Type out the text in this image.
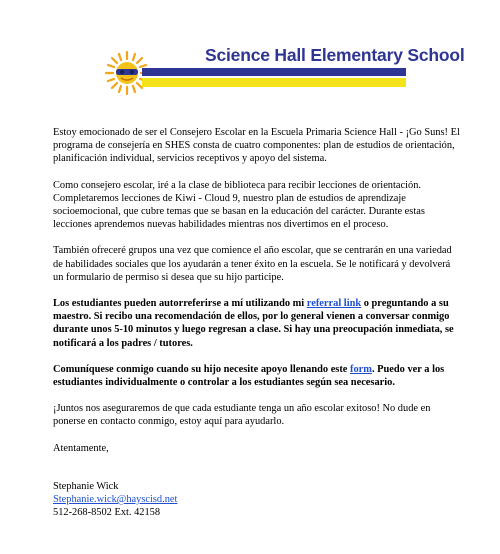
Science Hall Elementary School

Estoy emocionado de ser el Consejero Escolar en la Escuela Primaria Science Hall - ¡Go Suns! El programa de consejería en SHES consta de cuatro componentes: plan de estudios de orientación, planificación individual, servicios receptivos y apoyo del sistema.

Como consejero escolar, iré a la clase de biblioteca para recibir lecciones de orientación. Completaremos lecciones de Kiwi - Cloud 9, nuestro plan de estudios de aprendizaje socioemocional, que cubre temas que se basan en la educación del carácter. Durante estas lecciones aprendemos nuevas habilidades mientras nos divertimos en el proceso.

También ofreceré grupos una vez que comience el año escolar, que se centrarán en una variedad de habilidades sociales que los ayudarán a tener éxito en la escuela. Se le notificará y devolverá un formulario de permiso si desea que su hijo participe.

Los estudiantes pueden autorreferirse a mí utilizando mi referral link o preguntando a su maestro. Si recibo una recomendación de ellos, por lo general vienen a conversar conmigo durante unos 5-10 minutos y luego regresan a clase. Si hay una preocupación inmediata, se notificará a los padres / tutores.

Comuníquese conmigo cuando su hijo necesite apoyo llenando este form. Puedo ver a los estudiantes individualmente o controlar a los estudiantes según sea necesario.

¡Juntos nos aseguraremos de que cada estudiante tenga un año escolar exitoso! No dude en ponerse en contacto conmigo, estoy aquí para ayudarlo.

Atentamente,

Stephanie Wick
Stephanie.wick@hayscisd.net
512-268-8502 Ext. 42158
